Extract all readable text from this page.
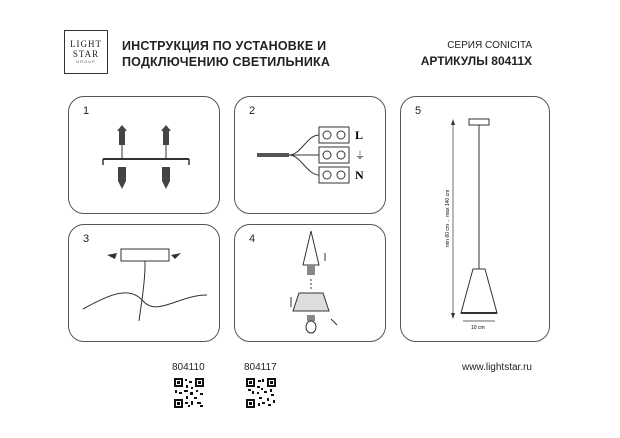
LIGHT
STAR
GROUP
ИНСТРУКЦИЯ ПО УСТАНОВКЕ И
ПОДКЛЮЧЕНИЮ СВЕТИЛЬНИКА
СЕРИЯ CONICITA
АРТИКУЛЫ 80411X
1	2
L
⏚
N
3	4
5
min 60 cm ... max 140 cm
10 cm
804110	804117	www.lightstar.ru
